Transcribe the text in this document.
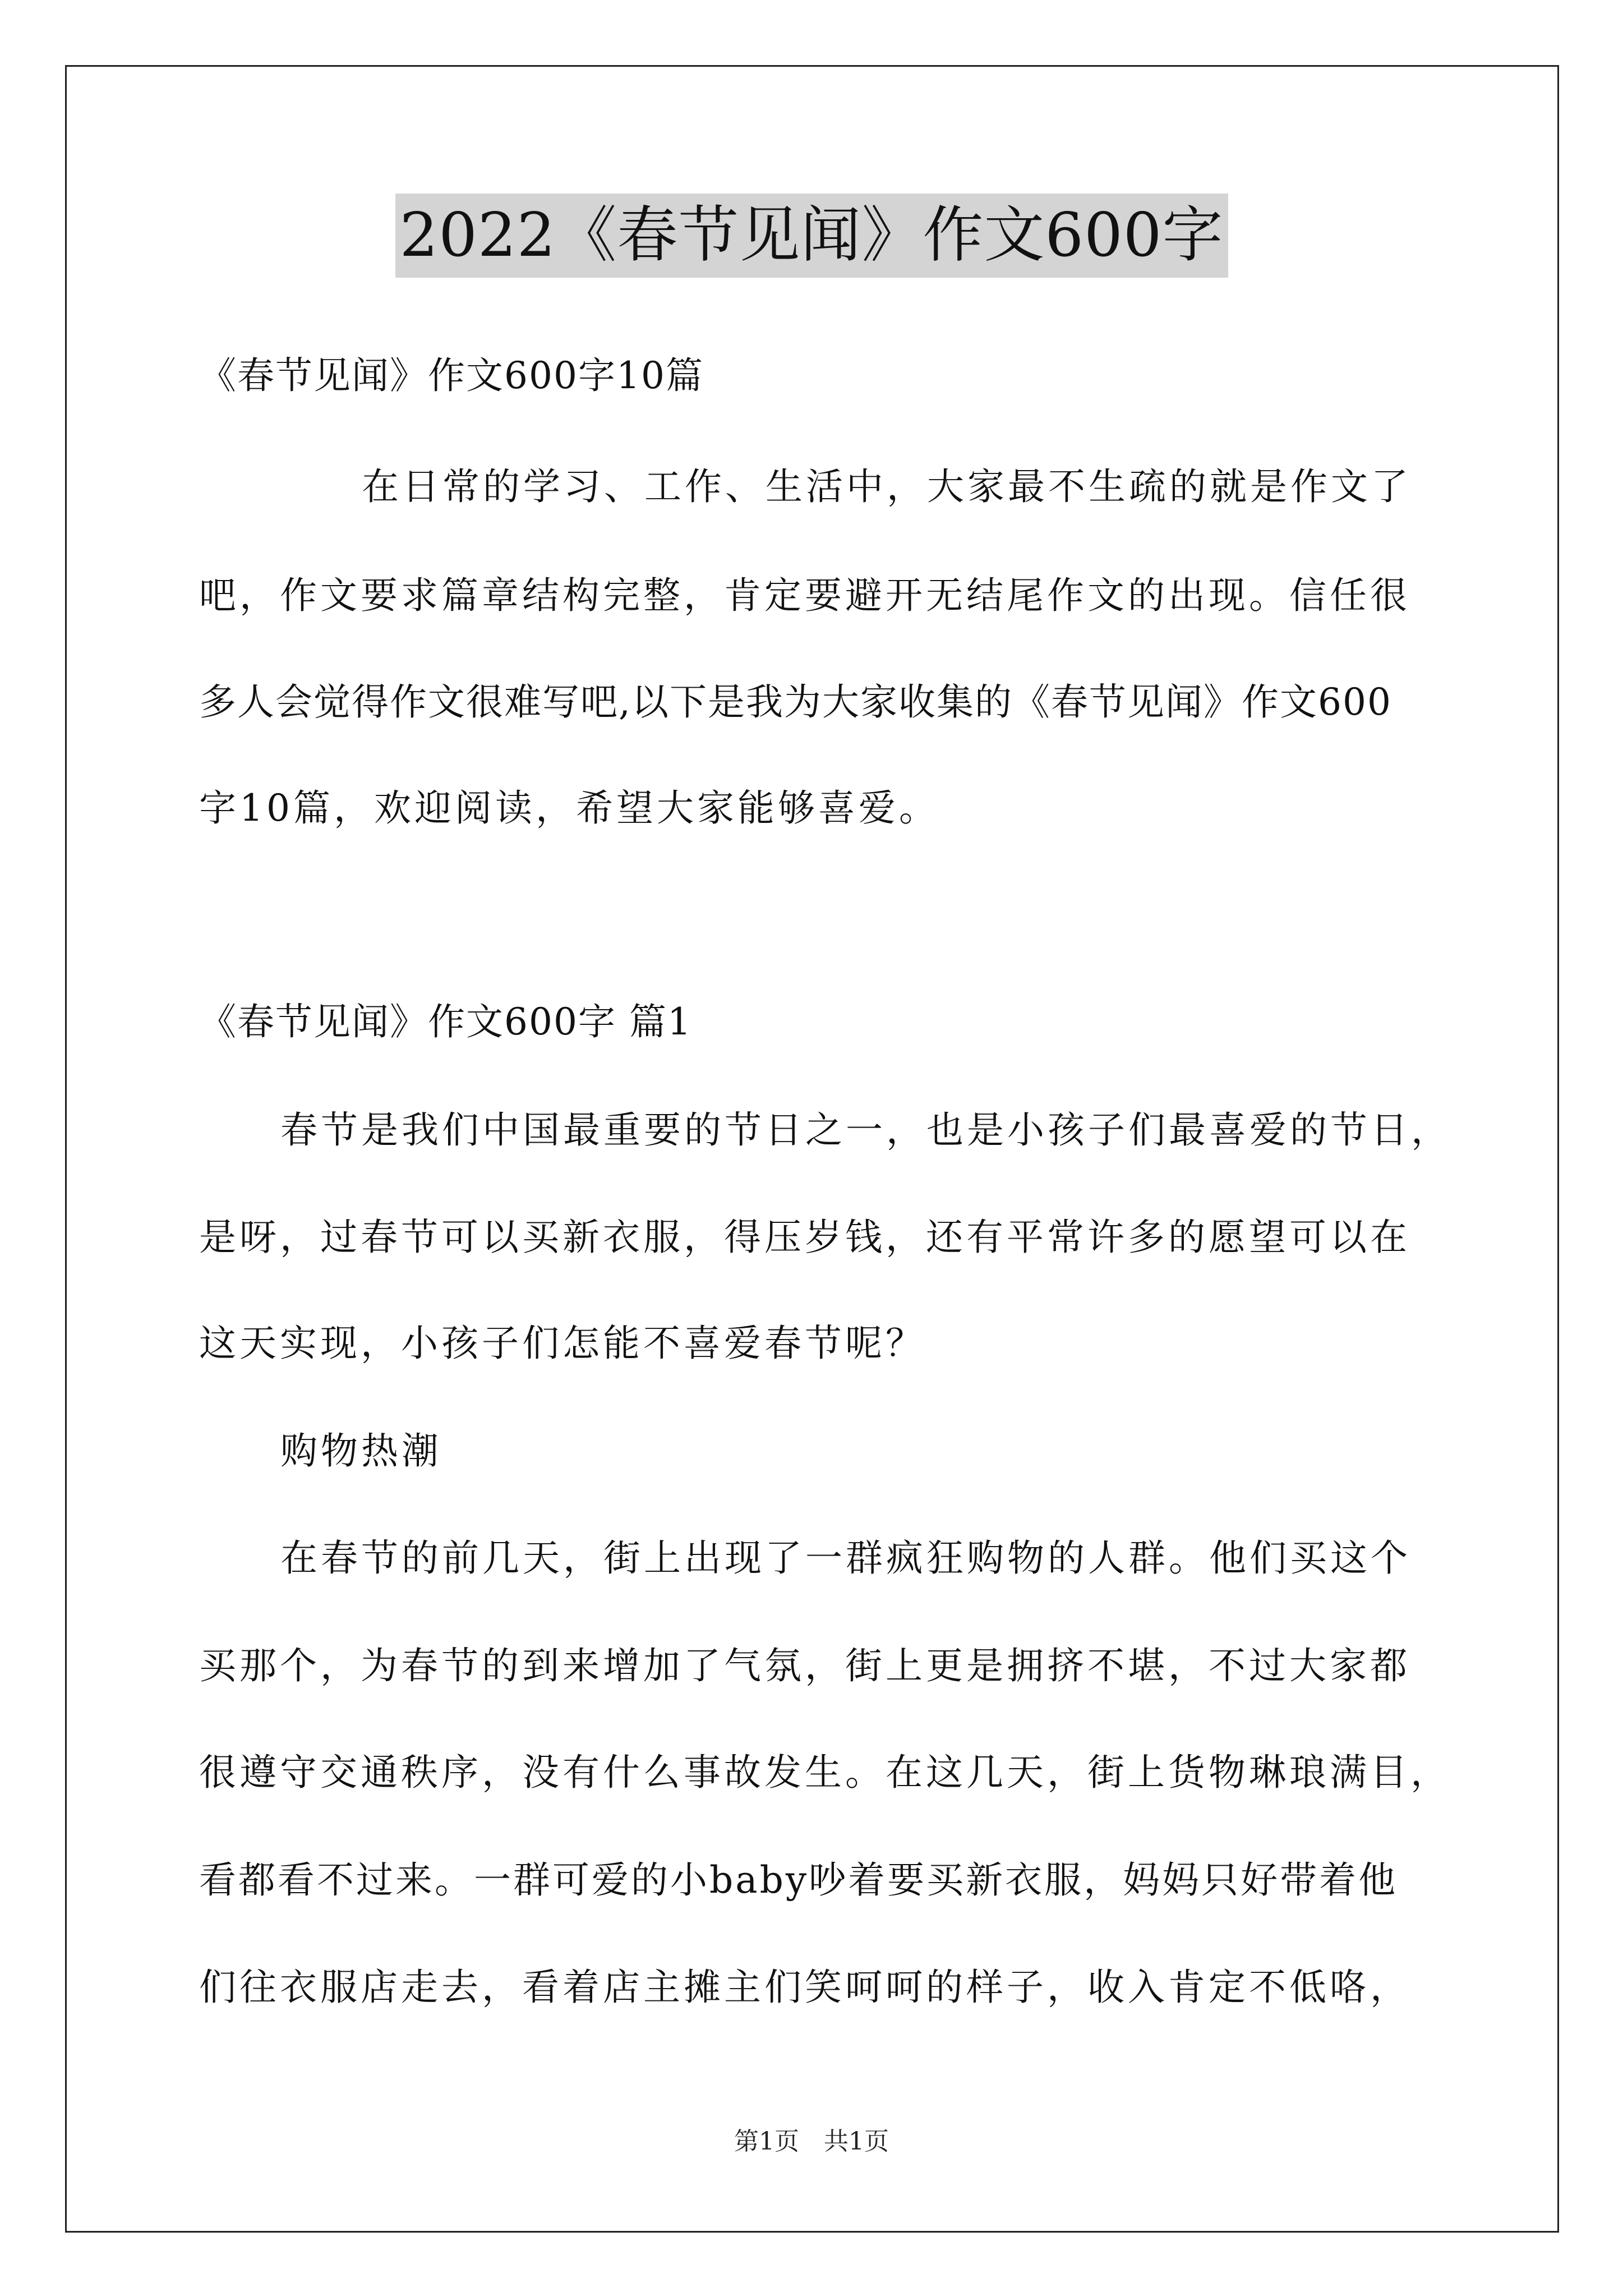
2022《春节见闻》作文600字
《春节见闻》作文600字10篇
在日常的学习、工作、生活中，大家最不生疏的就是作文了
吧，作文要求篇章结构完整，肯定要避开无结尾作文的出现。信任很
多人会觉得作文很难写吧,以下是我为大家收集的《春节见闻》作文600
字10篇，欢迎阅读，希望大家能够喜爱。
《春节见闻》作文600字 篇1
春节是我们中国最重要的节日之一，也是小孩子们最喜爱的节日，
是呀，过春节可以买新衣服，得压岁钱，还有平常许多的愿望可以在
这天实现，小孩子们怎能不喜爱春节呢？
购物热潮
在春节的前几天，街上出现了一群疯狂购物的人群。他们买这个
买那个，为春节的到来增加了气氛，街上更是拥挤不堪，不过大家都
很遵守交通秩序，没有什么事故发生。在这几天，街上货物琳琅满目，
看都看不过来。一群可爱的小baby吵着要买新衣服，妈妈只好带着他
们往衣服店走去，看着店主摊主们笑呵呵的样子，收入肯定不低咯，
第1页　共1页
